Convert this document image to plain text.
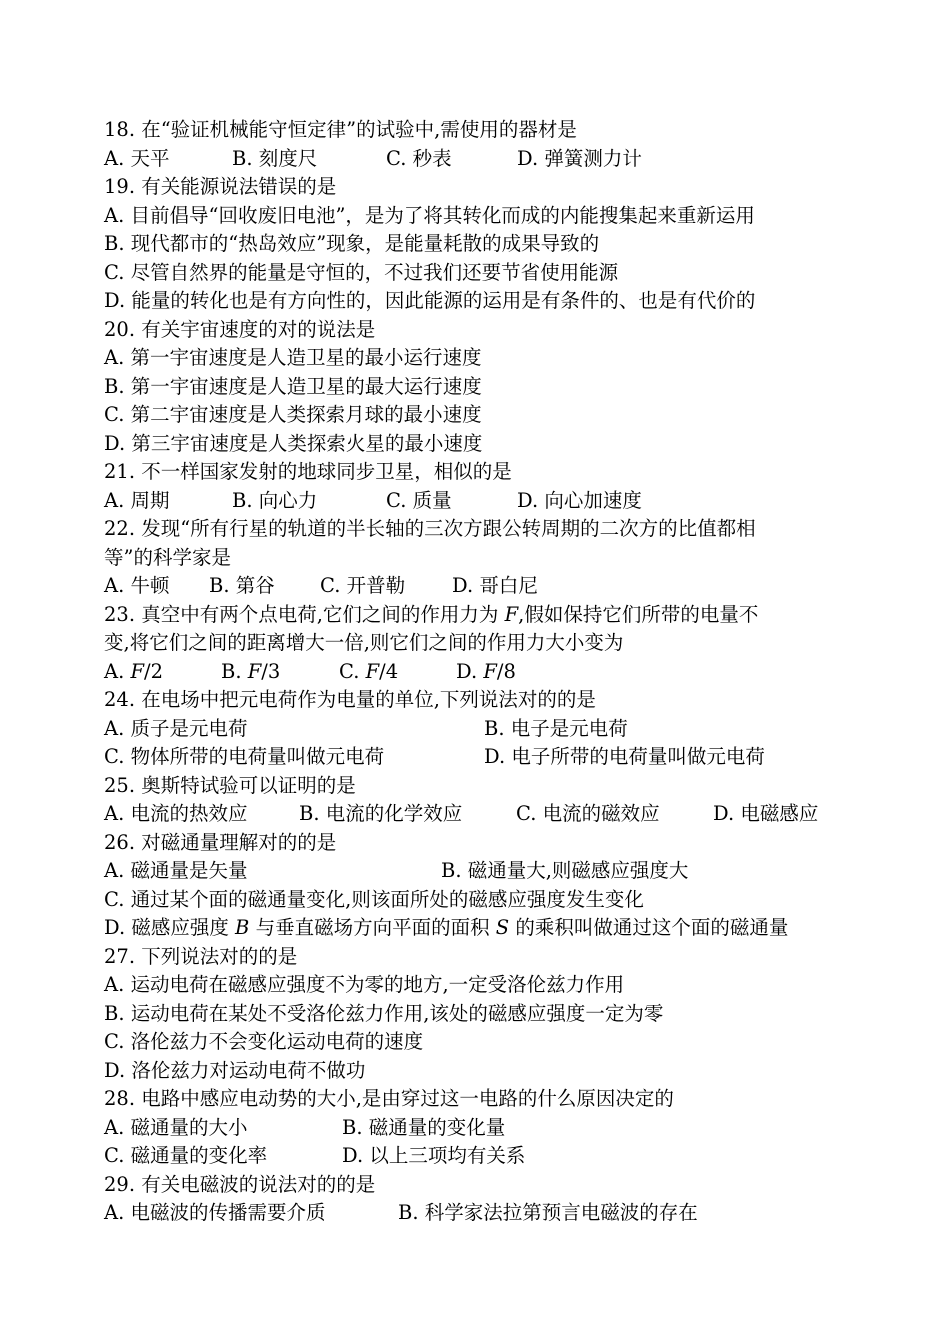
18. 在“验证机械能守恒定律”的试验中,需使用的器材是
A. 天平	B. 刻度尺	C. 秒表	D. 弹簧测力计
19. 有关能源说法错误的是
A. 目前倡导“回收废旧电池”，是为了将其转化而成的内能搜集起来重新运用
B. 现代都市的“热岛效应”现象，是能量耗散的成果导致的
C. 尽管自然界的能量是守恒的，不过我们还要节省使用能源
D. 能量的转化也是有方向性的，因此能源的运用是有条件的、也是有代价的
20. 有关宇宙速度的对的说法是
A. 第一宇宙速度是人造卫星的最小运行速度
B. 第一宇宙速度是人造卫星的最大运行速度
C. 第二宇宙速度是人类探索月球的最小速度
D. 第三宇宙速度是人类探索火星的最小速度
21. 不一样国家发射的地球同步卫星，相似的是
A. 周期	B. 向心力	C. 质量	D. 向心加速度
22. 发现“所有行星的轨道的半长轴的三次方跟公转周期的二次方的比值都相
等”的科学家是
A. 牛顿 B. 第谷 C. 开普勒 D. 哥白尼
23. 真空中有两个点电荷,它们之间的作用力为 F,假如保持它们所带的电量不
变,将它们之间的距离增大一倍,则它们之间的作用力大小变为
A. F/2	B. F/3	C. F/4	D. F/8
24. 在电场中把元电荷作为电量的单位,下列说法对的的是
A. 质子是元电荷	B. 电子是元电荷
C. 物体所带的电荷量叫做元电荷	D. 电子所带的电荷量叫做元电荷
25. 奥斯特试验可以证明的是
A. 电流的热效应	B. 电流的化学效应	C. 电流的磁效应	D. 电磁感应
26. 对磁通量理解对的的是
A. 磁通量是矢量	B. 磁通量大,则磁感应强度大
C. 通过某个面的磁通量变化,则该面所处的磁感应强度发生变化
D. 磁感应强度 B 与垂直磁场方向平面的面积 S 的乘积叫做通过这个面的磁通量
27. 下列说法对的的是
A. 运动电荷在磁感应强度不为零的地方,一定受洛伦兹力作用
B. 运动电荷在某处不受洛伦兹力作用,该处的磁感应强度一定为零
C. 洛伦兹力不会变化运动电荷的速度
D. 洛伦兹力对运动电荷不做功
28. 电路中感应电动势的大小,是由穿过这一电路的什么原因决定的
A. 磁通量的大小	B. 磁通量的变化量
C. 磁通量的变化率	D. 以上三项均有关系
29. 有关电磁波的说法对的的是
A. 电磁波的传播需要介质	B. 科学家法拉第预言电磁波的存在
